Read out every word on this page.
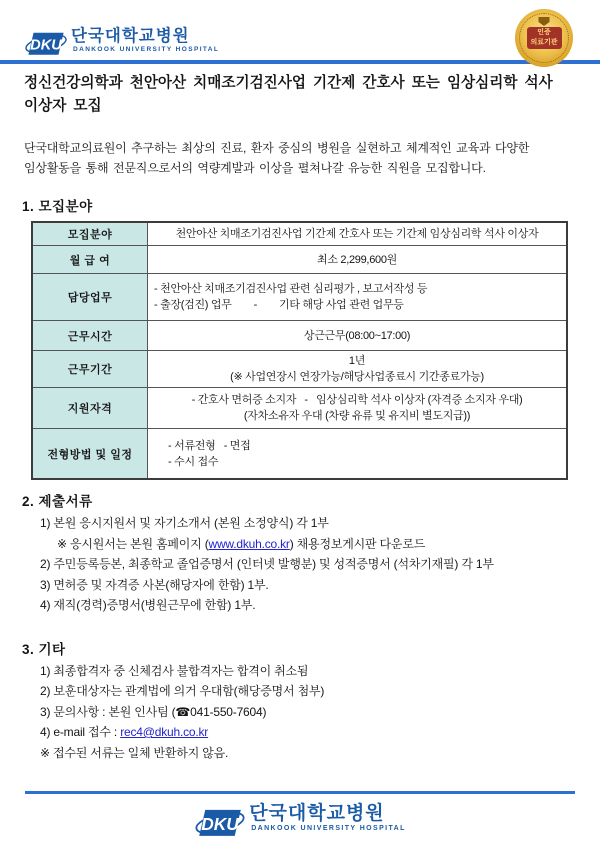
DKU
단국대학교병원
DANKOOK UNIVERSITY HOSPITAL
인증
의료기관
정신건강의학과 천안아산 치매조기검진사업 기간제 간호사 또는 임상심리학 석사
이상자 모집
단국대학교의료원이 추구하는 최상의 진료, 환자 중심의 병원을 실현하고 체계적인 교육과 다양한
임상활동을 통해 전문직으로서의 역량계발과 이상을 펼쳐나갈 유능한 직원을 모집합니다.
1. 모집분야
모집분야	천안아산 치매조기검진사업 기간제 간호사 또는 기간제 임상심리학 석사 이상자

월 급 여	최소 2,299,600원

담당업무	- 천안아산 치매조기검진사업 관련 심리평가 , 보고서작성 등
- 출장(검진) 업무        -        기타 해당 사업 관련 업무등

근무시간	상근근무(08:00~17:00)

근무기간	1년
(※ 사업연장시 연장가능/해당사업종료시 기간종료가능)

지원자격	- 간호사 면허증 소지자   -   임상심리학 석사 이상자 (자격증 소지자 우대)
(자차소유자 우대 (차량 유류 및 유지비 별도지급))

전형방법 및 일정	- 서류전형   - 면접
- 수시 접수
2. 제출서류
1) 본원 응시지원서 및 자기소개서 (본원 소정양식) 각 1부
※ 응시원서는 본원 홈페이지 (www.dkuh.co.kr) 채용정보게시판 다운로드
2) 주민등록등본, 최종학교 졸업증명서 (인터넷 발행분) 및 성적증명서 (석차기재필) 각 1부
3) 면허증 및 자격증 사본(해당자에 한함) 1부.
4) 재직(경력)증명서(병원근무에 한함) 1부.
3. 기타
1) 최종합격자 중 신체검사 불합격자는 합격이 취소됨
2) 보훈대상자는 관계법에 의거 우대함(해당증명서 첨부)
3) 문의사항 : 본원 인사팀 (☎041-550-7604)
4) e-mail 접수 : rec4@dkuh.co.kr
※ 접수된 서류는 일체 반환하지 않음.
DKU 단국대학교병원
DANKOOK UNIVERSITY HOSPITAL
